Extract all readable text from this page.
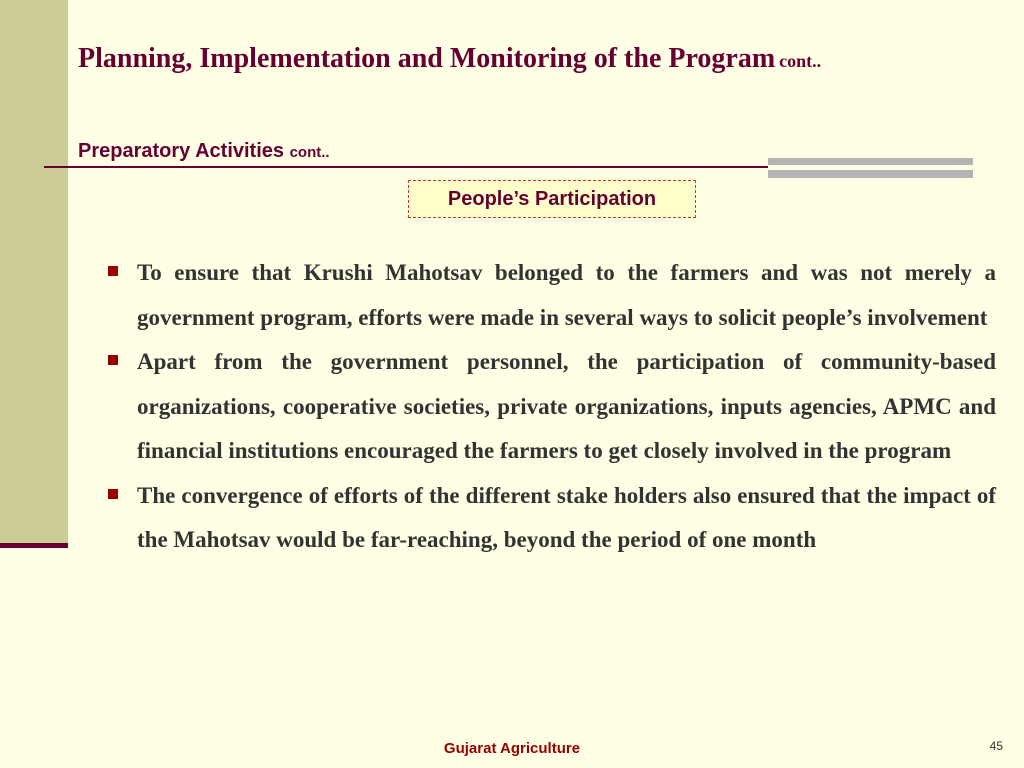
Planning, Implementation and Monitoring of the Program cont..
Preparatory Activities cont..
People’s Participation
To ensure that Krushi Mahotsav belonged to the farmers and was not merely a government program, efforts were made in several ways to solicit people’s involvement
Apart from the government personnel, the participation of community-based organizations, cooperative societies, private organizations, inputs agencies, APMC and financial institutions encouraged the farmers to get closely involved in the program
The convergence of efforts of the different stake holders also ensured that the impact of the Mahotsav would be far-reaching, beyond the period of one month
Gujarat Agriculture	45
